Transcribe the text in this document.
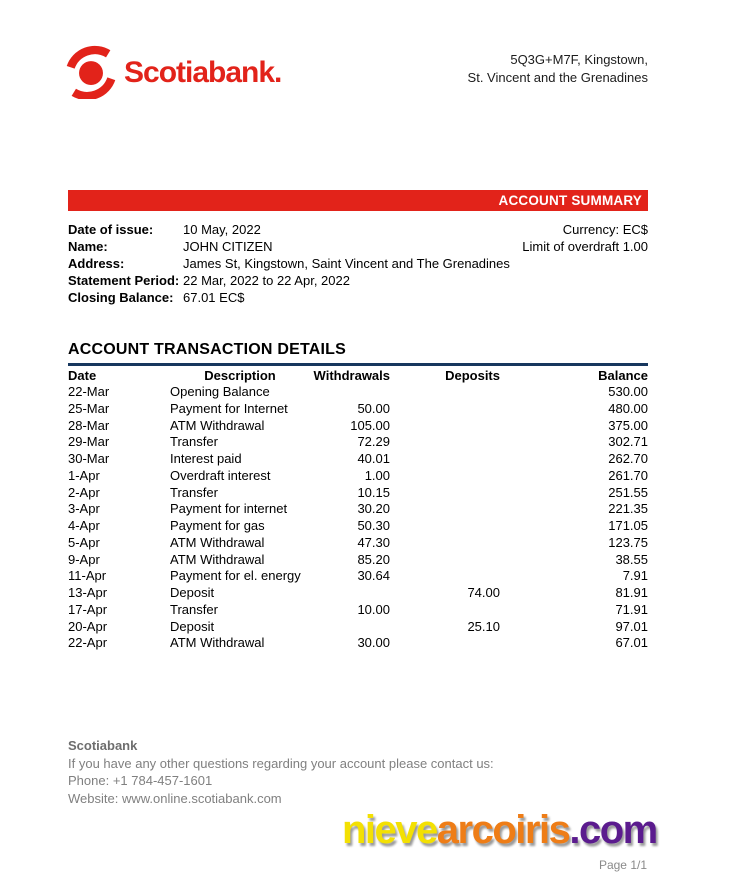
Scotiabank.	5Q3G+M7F, Kingstown,
St. Vincent and the Grenadines
ACCOUNT SUMMARY
Date of issue:	10 May, 2022
Name:	JOHN CITIZEN
Address:	James St, Kingstown, Saint Vincent and The Grenadines
Statement Period: 22 Mar, 2022 to 22 Apr, 2022
Closing Balance: 67.01 EC$
Currency: EC$
Limit of overdraft 1.00
ACCOUNT TRANSACTION DETAILS
Date	Description	Withdrawals	Deposits	Balance
22-Mar	Opening Balance			530.00
25-Mar	Payment for Internet	50.00		480.00
28-Mar	ATM Withdrawal	105.00		375.00
29-Mar	Transfer	72.29		302.71
30-Mar	Interest paid	40.01		262.70
1-Apr	Overdraft interest	1.00		261.70
2-Apr	Transfer	10.15		251.55
3-Apr	Payment for internet	30.20		221.35
4-Apr	Payment for gas	50.30		171.05
5-Apr	ATM Withdrawal	47.30		123.75
9-Apr	ATM Withdrawal	85.20		38.55
11-Apr	Payment for el. energy	30.64		7.91
13-Apr	Deposit		74.00	81.91
17-Apr	Transfer	10.00		71.91
20-Apr	Deposit		25.10	97.01
22-Apr	ATM Withdrawal	30.00		67.01
Scotiabank
If you have any other questions regarding your account please contact us:
Phone: +1 784-457-1601
Website: www.online.scotiabank.com
nievearcoiris.com
Page 1/1
